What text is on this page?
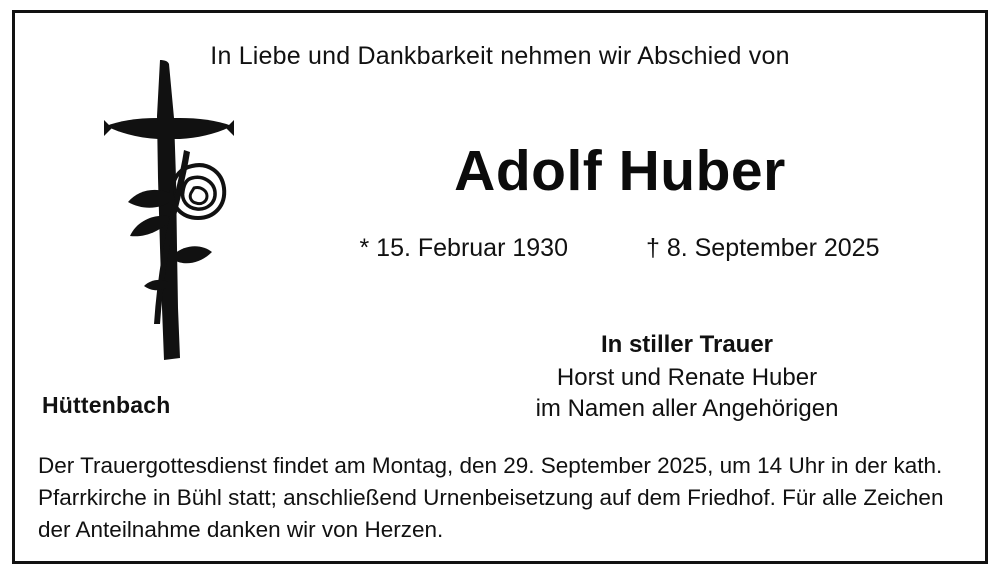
In Liebe und Dankbarkeit nehmen wir Abschied von
Adolf Huber
* 15. Februar 1930	† 8. September 2025
In stiller Trauer
Horst und Renate Huber
im Namen aller Angehörigen
Hüttenbach
Der Trauergottesdienst findet am Montag, den 29. September 2025, um 14 Uhr in der kath. Pfarrkirche in Bühl statt; anschließend Urnenbeisetzung auf dem Friedhof. Für alle Zeichen der Anteilnahme danken wir von Herzen.
